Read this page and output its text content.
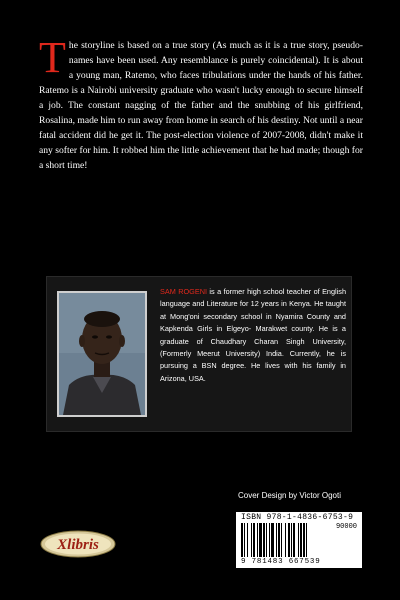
The storyline is based on a true story (As much as it is a true story, pseudo-names have been used. Any resemblance is purely coincidental). It is about a young man, Ratemo, who faces tribulations under the hands of his father. Ratemo is a Nairobi university graduate who wasn't lucky enough to secure himself a job. The constant nagging of the father and the snubbing of his girlfriend, Rosalina, made him to run away from home in search of his destiny. Not until a near fatal accident did he get it. The post-election violence of 2007-2008, didn't make it any softer for him. It robbed him the little achievement that he had made; though for a short time!
SAM ROGENI is a former high school teacher of English language and Literature for 12 years in Kenya. He taught at Mong'oni secondary school in Nyamira County and Kapkenda Girls in Elgeyo- Marakwet county. He is a graduate of Chaudhary Charan Singh University, (Formerly Meerut University) India. Currently, he is pursuing a BSN degree. He lives with his family in Arizona, USA.
Cover Design by Victor Ogoti
ISBN 978-1-4836-6753-9
90000
9 781483 667539
Xlibris
